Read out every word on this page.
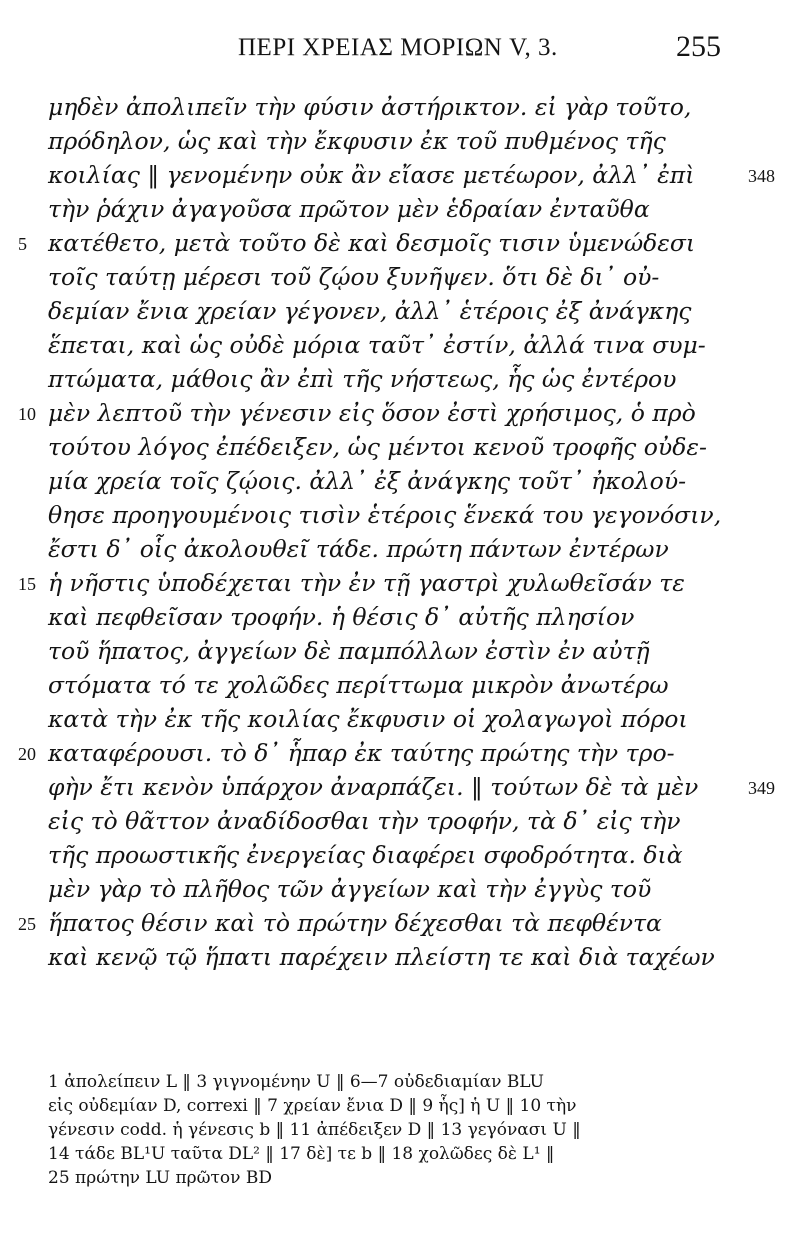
ΠΕΡΙ ΧΡΕΙΑΣ ΜΟΡΙΩΝ V, 3.	255
μηδὲν ἀπολιπεῖν τὴν φύσιν ἀστήρικτον. εἰ γὰρ τοῦτο,
πρόδηλον, ὡς καὶ τὴν ἔκφυσιν ἐκ τοῦ πυθμένος τῆς
κοιλίας ‖ γενομένην οὐκ ἂν εἴασε μετέωρον, ἀλλ᾽ ἐπὶ	348
τὴν ῥάχιν ἀγαγοῦσα πρῶτον μὲν ἑδραίαν ἐνταῦθα
5 κατέθετο, μετὰ τοῦτο δὲ καὶ δεσμοῖς τισιν ὑμενώδεσι
τοῖς ταύτῃ μέρεσι τοῦ ζῴου ξυνῆψεν. ὅτι δὲ δι᾽ οὐ-
δεμίαν ἔνια χρείαν γέγονεν, ἀλλ᾽ ἑτέροις ἐξ ἀνάγκης
ἕπεται, καὶ ὡς οὐδὲ μόρια ταῦτ᾽ ἐστίν, ἀλλά τινα συμ-
πτώματα, μάθοις ἂν ἐπὶ τῆς νήστεως, ἧς ὡς ἐντέρου
10 μὲν λεπτοῦ τὴν γένεσιν εἰς ὅσον ἐστὶ χρήσιμος, ὁ πρὸ
τούτου λόγος ἐπέδειξεν, ὡς μέντοι κενοῦ τροφῆς οὐδε-
μία χρεία τοῖς ζῴοις. ἀλλ᾽ ἐξ ἀνάγκης τοῦτ᾽ ἠκολού-
θησε προηγουμένοις τισὶν ἑτέροις ἕνεκά του γεγονόσιν,
ἔστι δ᾽ οἷς ἀκολουθεῖ τάδε. πρώτη πάντων ἐντέρων
15 ἡ νῆστις ὑποδέχεται τὴν ἐν τῇ γαστρὶ χυλωθεῖσάν τε
καὶ πεφθεῖσαν τροφήν. ἡ θέσις δ᾽ αὐτῆς πλησίον
τοῦ ἥπατος, ἀγγείων δὲ παμπόλλων ἐστὶν ἐν αὐτῇ
στόματα τό τε χολῶδες περίττωμα μικρὸν ἀνωτέρω
κατὰ τὴν ἐκ τῆς κοιλίας ἔκφυσιν οἱ χολαγωγοὶ πόροι
20 καταφέρουσι. τὸ δ᾽ ἧπαρ ἐκ ταύτης πρώτης τὴν τρο-
φὴν ἔτι κενὸν ὑπάρχον ἀναρπάζει. ‖ τούτων δὲ τὰ μὲν	349
εἰς τὸ θᾶττον ἀναδίδοσθαι τὴν τροφήν, τὰ δ᾽ εἰς τὴν
τῆς προωστικῆς ἐνεργείας διαφέρει σφοδρότητα. διὰ
μὲν γὰρ τὸ πλῆθος τῶν ἀγγείων καὶ τὴν ἐγγὺς τοῦ
25 ἥπατος θέσιν καὶ τὸ πρώτην δέχεσθαι τὰ πεφθέντα
καὶ κενῷ τῷ ἥπατι παρέχειν πλείστη τε καὶ διὰ ταχέων
1 ἀπολείπειν L ‖ 3 γιγνομένην U ‖ 6—7 οὐδεδιαμίαν BLU
εἰς οὐδεμίαν D, correxi ‖ 7 χρείαν ἔνια D ‖ 9 ἧς] ἡ U ‖ 10 τὴν
γένεσιν codd. ἡ γένεσις b ‖ 11 ἀπέδειξεν D ‖ 13 γεγόνασι U ‖
14 τάδε BL¹U ταῦτα DL² ‖ 17 δὲ] τε b ‖ 18 χολῶδες δὲ L¹ ‖
25 πρώτην LU πρῶτον BD
